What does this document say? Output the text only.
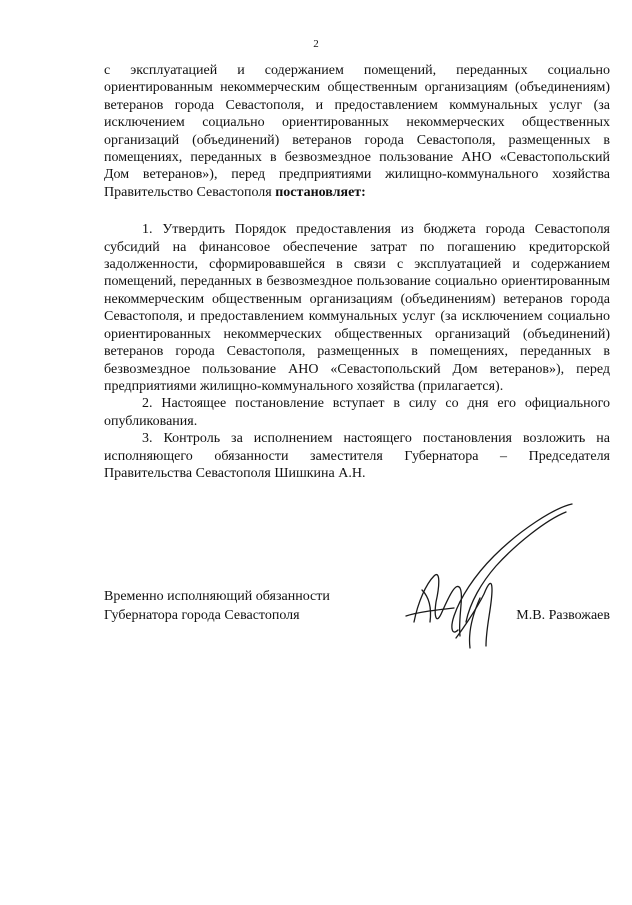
2

с эксплуатацией и содержанием помещений, переданных социально ориентированным некоммерческим общественным организациям (объединениям) ветеранов города Севастополя, и предоставлением коммунальных услуг (за исключением социально ориентированных некоммерческих общественных организаций (объединений) ветеранов города Севастополя, размещенных в помещениях, переданных в безвозмездное пользование АНО «Севастопольский Дом ветеранов»), перед предприятиями жилищно-коммунального хозяйства Правительство Севастополя постановляет:

1. Утвердить Порядок предоставления из бюджета города Севастополя субсидий на финансовое обеспечение затрат по погашению кредиторской задолженности, сформировавшейся в связи с эксплуатацией и содержанием помещений, переданных в безвозмездное пользование социально ориентированным некоммерческим общественным организациям (объединениям) ветеранов города Севастополя, и предоставлением коммунальных услуг (за исключением социально ориентированных некоммерческих общественных организаций (объединений) ветеранов города Севастополя, размещенных в помещениях, переданных в безвозмездное пользование АНО «Севастопольский Дом ветеранов»), перед предприятиями жилищно-коммунального хозяйства (прилагается).

2. Настоящее постановление вступает в силу со дня его официального опубликования.

3. Контроль за исполнением настоящего постановления возложить на исполняющего обязанности заместителя Губернатора – Председателя Правительства Севастополя Шишкина А.Н.

Временно исполняющий обязанности
Губернатора города Севастополя	М.В. Развожаев
